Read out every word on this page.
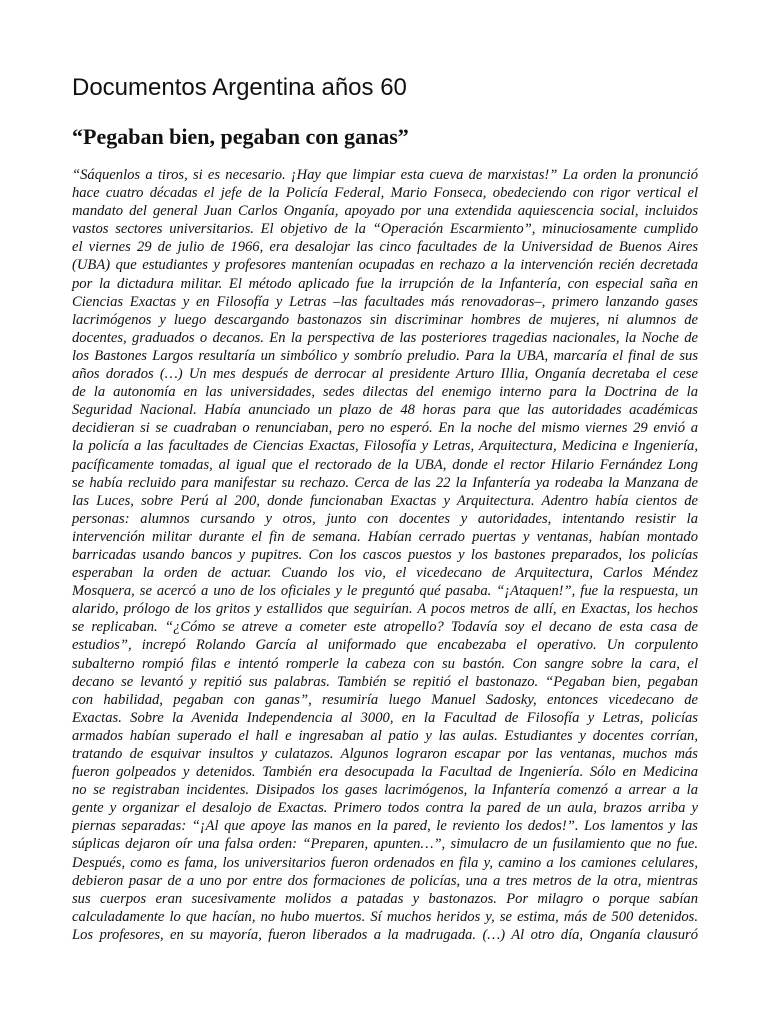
Documentos Argentina años 60
“Pegaban bien, pegaban con ganas”
“Sáquenlos a tiros, si es necesario. ¡Hay que limpiar esta cueva de marxistas!” La orden la pronunció
hace cuatro décadas el jefe de la Policía Federal, Mario Fonseca, obedeciendo con rigor vertical el
mandato del general Juan Carlos Onganía, apoyado por una extendida aquiescencia social, incluidos
vastos sectores universitarios. El objetivo de la “Operación Escarmiento”, minuciosamente cumplido
el viernes 29 de julio de 1966, era desalojar las cinco facultades de la Universidad de Buenos Aires
(UBA) que estudiantes y profesores mantenían ocupadas en rechazo a la intervención recién decretada
por la dictadura militar. El método aplicado fue la irrupción de la Infantería, con especial saña en
Ciencias Exactas y en Filosofía y Letras –las facultades más renovadoras–, primero lanzando gases
lacrimógenos y luego descargando bastonazos sin discriminar hombres de mujeres, ni alumnos de
docentes, graduados o decanos. En la perspectiva de las posteriores tragedias nacionales, la Noche de
los Bastones Largos resultaría un simbólico y sombrío preludio. Para la UBA, marcaría el final de sus
años dorados (…) Un mes después de derrocar al presidente Arturo Illia, Onganía decretaba el cese
de la autonomía en las universidades, sedes dilectas del enemigo interno para la Doctrina de la
Seguridad Nacional. Había anunciado un plazo de 48 horas para que las autoridades académicas
decidieran si se cuadraban o renunciaban, pero no esperó. En la noche del mismo viernes 29 envió a
la policía a las facultades de Ciencias Exactas, Filosofía y Letras, Arquitectura, Medicina e Ingeniería,
pacíficamente tomadas, al igual que el rectorado de la UBA, donde el rector Hilario Fernández Long
se había recluido para manifestar su rechazo. Cerca de las 22 la Infantería ya rodeaba la Manzana de
las Luces, sobre Perú al 200, donde funcionaban Exactas y Arquitectura. Adentro había cientos de
personas: alumnos cursando y otros, junto con docentes y autoridades, intentando resistir la
intervención militar durante el fin de semana. Habían cerrado puertas y ventanas, habían montado
barricadas usando bancos y pupitres. Con los cascos puestos y los bastones preparados, los policías
esperaban la orden de actuar. Cuando los vio, el vicedecano de Arquitectura, Carlos Méndez
Mosquera, se acercó a uno de los oficiales y le preguntó qué pasaba. “¡Ataquen!”, fue la respuesta, un
alarido, prólogo de los gritos y estallidos que seguirían. A pocos metros de allí, en Exactas, los hechos
se replicaban. “¿Cómo se atreve a cometer este atropello? Todavía soy el decano de esta casa de
estudios”, increpó Rolando García al uniformado que encabezaba el operativo. Un corpulento
subalterno rompió filas e intentó romperle la cabeza con su bastón. Con sangre sobre la cara, el
decano se levantó y repitió sus palabras. También se repitió el bastonazo. “Pegaban bien, pegaban
con habilidad, pegaban con ganas”, resumiría luego Manuel Sadosky, entonces vicedecano de
Exactas. Sobre la Avenida Independencia al 3000, en la Facultad de Filosofía y Letras, policías
armados habían superado el hall e ingresaban al patio y las aulas. Estudiantes y docentes corrían,
tratando de esquivar insultos y culatazos. Algunos lograron escapar por las ventanas, muchos más
fueron golpeados y detenidos. También era desocupada la Facultad de Ingeniería. Sólo en Medicina
no se registraban incidentes. Disipados los gases lacrimógenos, la Infantería comenzó a arrear a la
gente y organizar el desalojo de Exactas. Primero todos contra la pared de un aula, brazos arriba y
piernas separadas: “¡Al que apoye las manos en la pared, le reviento los dedos!”. Los lamentos y las
súplicas dejaron oír una falsa orden: “Preparen, apunten…”, simulacro de un fusilamiento que no fue.
Después, como es fama, los universitarios fueron ordenados en fila y, camino a los camiones celulares,
debieron pasar de a uno por entre dos formaciones de policías, una a tres metros de la otra, mientras
sus cuerpos eran sucesivamente molidos a patadas y bastonazos. Por milagro o porque sabían
calculadamente lo que hacían, no hubo muertos. Sí muchos heridos y, se estima, más de 500 detenidos.
Los profesores, en su mayoría, fueron liberados a la madrugada. (…) Al otro día, Onganía clausuró
